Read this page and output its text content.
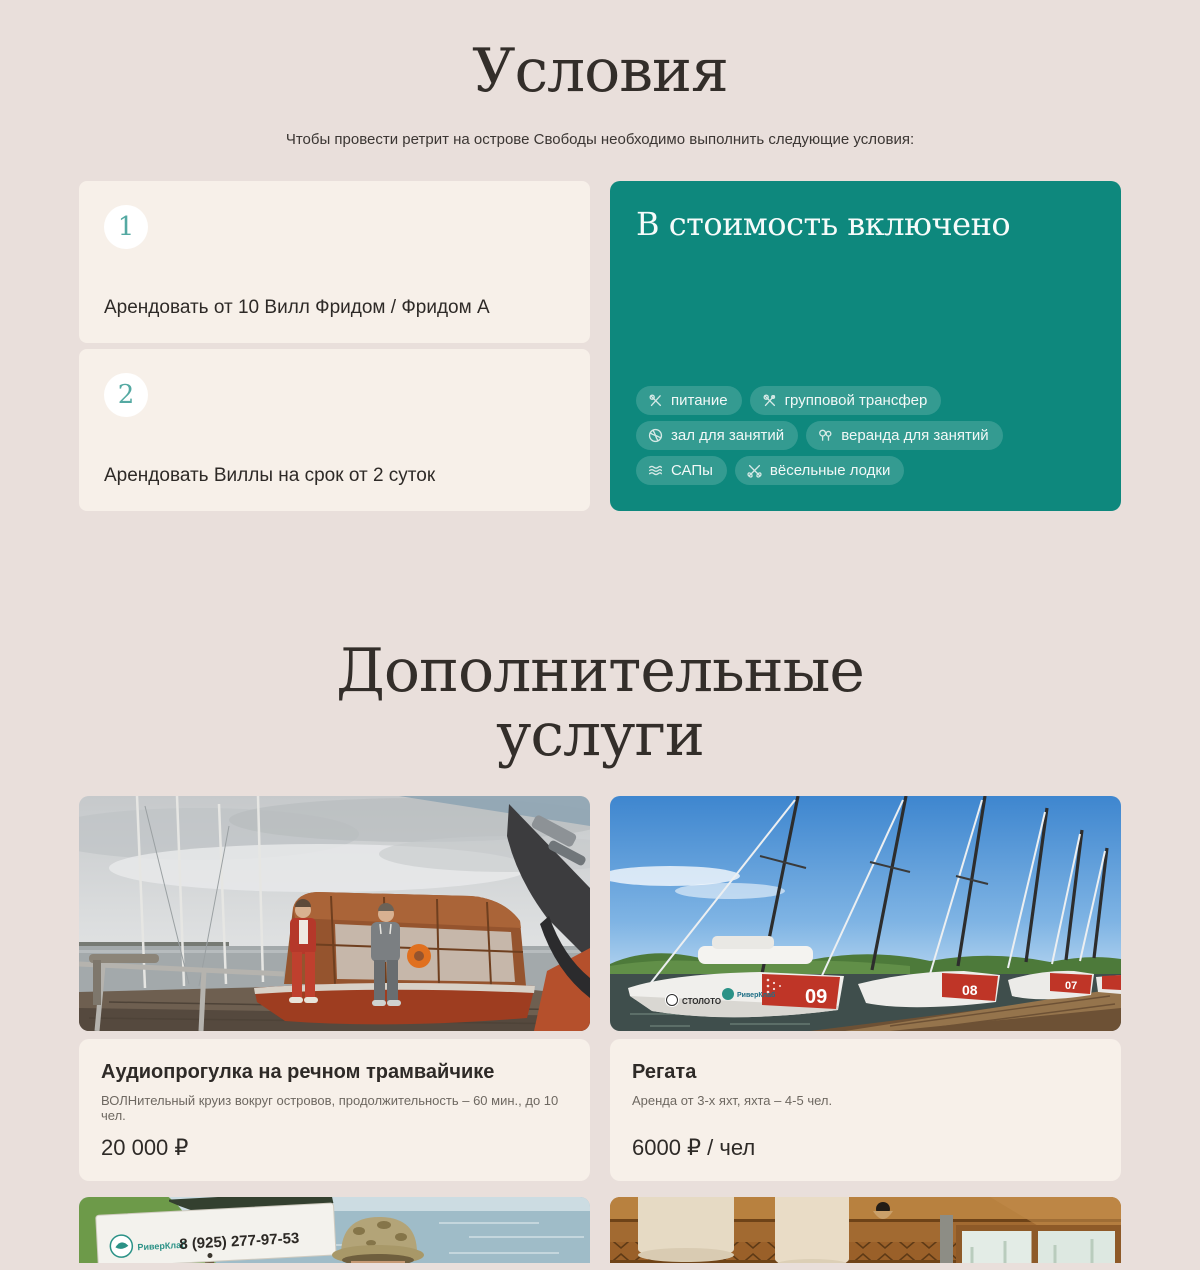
Условия

Чтобы провести ретрит на острове Свободы необходимо выполнить следующие условия:

1

Арендовать от 10 Вилл Фридом / Фридом А

2

Арендовать Виллы на срок от 2 суток

В стоимость включено
питание	групповой трансфер
зал для занятий	веранда для занятий
САПы	вёсельные лодки
Дополнительные
услуги
Аудиопрогулка на речном трамвайчике

ВОЛНительный круиз вокруг островов, продолжительность – 60 мин., до 10 чел.

20 000 ₽
09
СТОЛОТО
РиверКлаб	08	07
Регата

Аренда от 3-х яхт, яхта – 4-5 чел.

6000 ₽ / чел
РиверКлаб
8 (925) 277-97-53
